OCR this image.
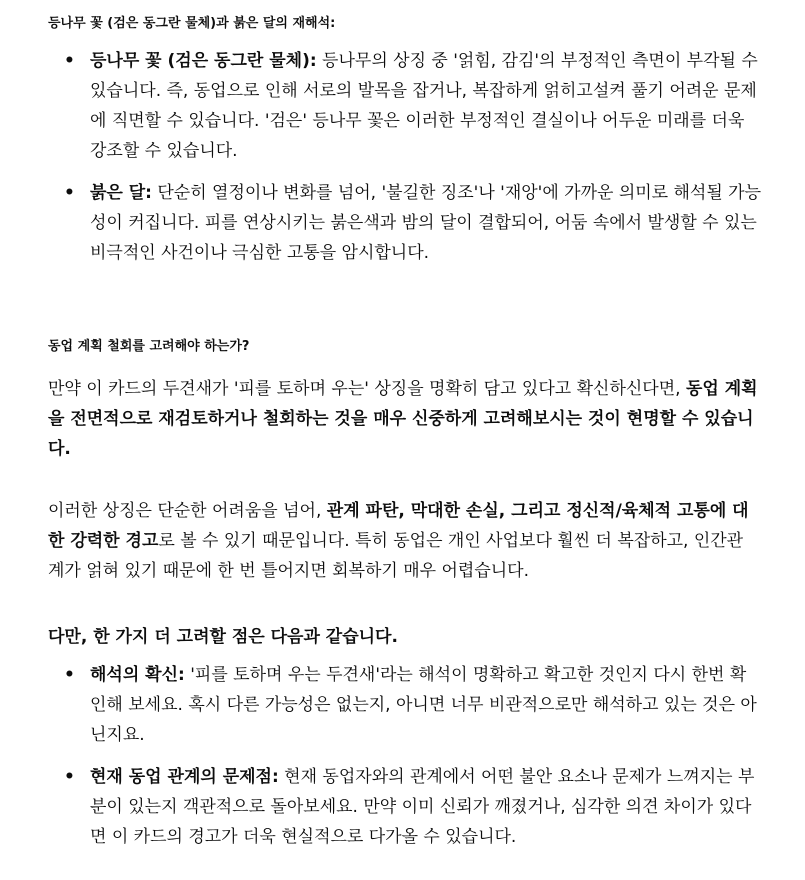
등나무 꽃 (검은 동그란 물체)과 붉은 달의 재해석:
• 등나무 꽃 (검은 동그란 물체): 등나무의 상징 중 '얽힘, 감김'의 부정적인 측면이 부각될 수 있습니다. 즉, 동업으로 인해 서로의 발목을 잡거나, 복잡하게 얽히고설켜 풀기 어려운 문제에 직면할 수 있습니다. '검은' 등나무 꽃은 이러한 부정적인 결실이나 어두운 미래를 더욱 강조할 수 있습니다.
• 붉은 달: 단순히 열정이나 변화를 넘어, '불길한 징조'나 '재앙'에 가까운 의미로 해석될 가능성이 커집니다. 피를 연상시키는 붉은색과 밤의 달이 결합되어, 어둠 속에서 발생할 수 있는 비극적인 사건이나 극심한 고통을 암시합니다.
동업 계획 철회를 고려해야 하는가?

만약 이 카드의 두견새가 '피를 토하며 우는' 상징을 명확히 담고 있다고 확신하신다면, 동업 계획을 전면적으로 재검토하거나 철회하는 것을 매우 신중하게 고려해보시는 것이 현명할 수 있습니다.

이러한 상징은 단순한 어려움을 넘어, 관계 파탄, 막대한 손실, 그리고 정신적/육체적 고통에 대한 강력한 경고로 볼 수 있기 때문입니다. 특히 동업은 개인 사업보다 훨씬 더 복잡하고, 인간관계가 얽혀 있기 때문에 한 번 틀어지면 회복하기 매우 어렵습니다.

다만, 한 가지 더 고려할 점은 다음과 같습니다.

• 해석의 확신: '피를 토하며 우는 두견새'라는 해석이 명확하고 확고한 것인지 다시 한번 확인해 보세요. 혹시 다른 가능성은 없는지, 아니면 너무 비관적으로만 해석하고 있는 것은 아닌지요.
• 현재 동업 관계의 문제점: 현재 동업자와의 관계에서 어떤 불안 요소나 문제가 느껴지는 부분이 있는지 객관적으로 돌아보세요. 만약 이미 신뢰가 깨졌거나, 심각한 의견 차이가 있다면 이 카드의 경고가 더욱 현실적으로 다가올 수 있습니다.
